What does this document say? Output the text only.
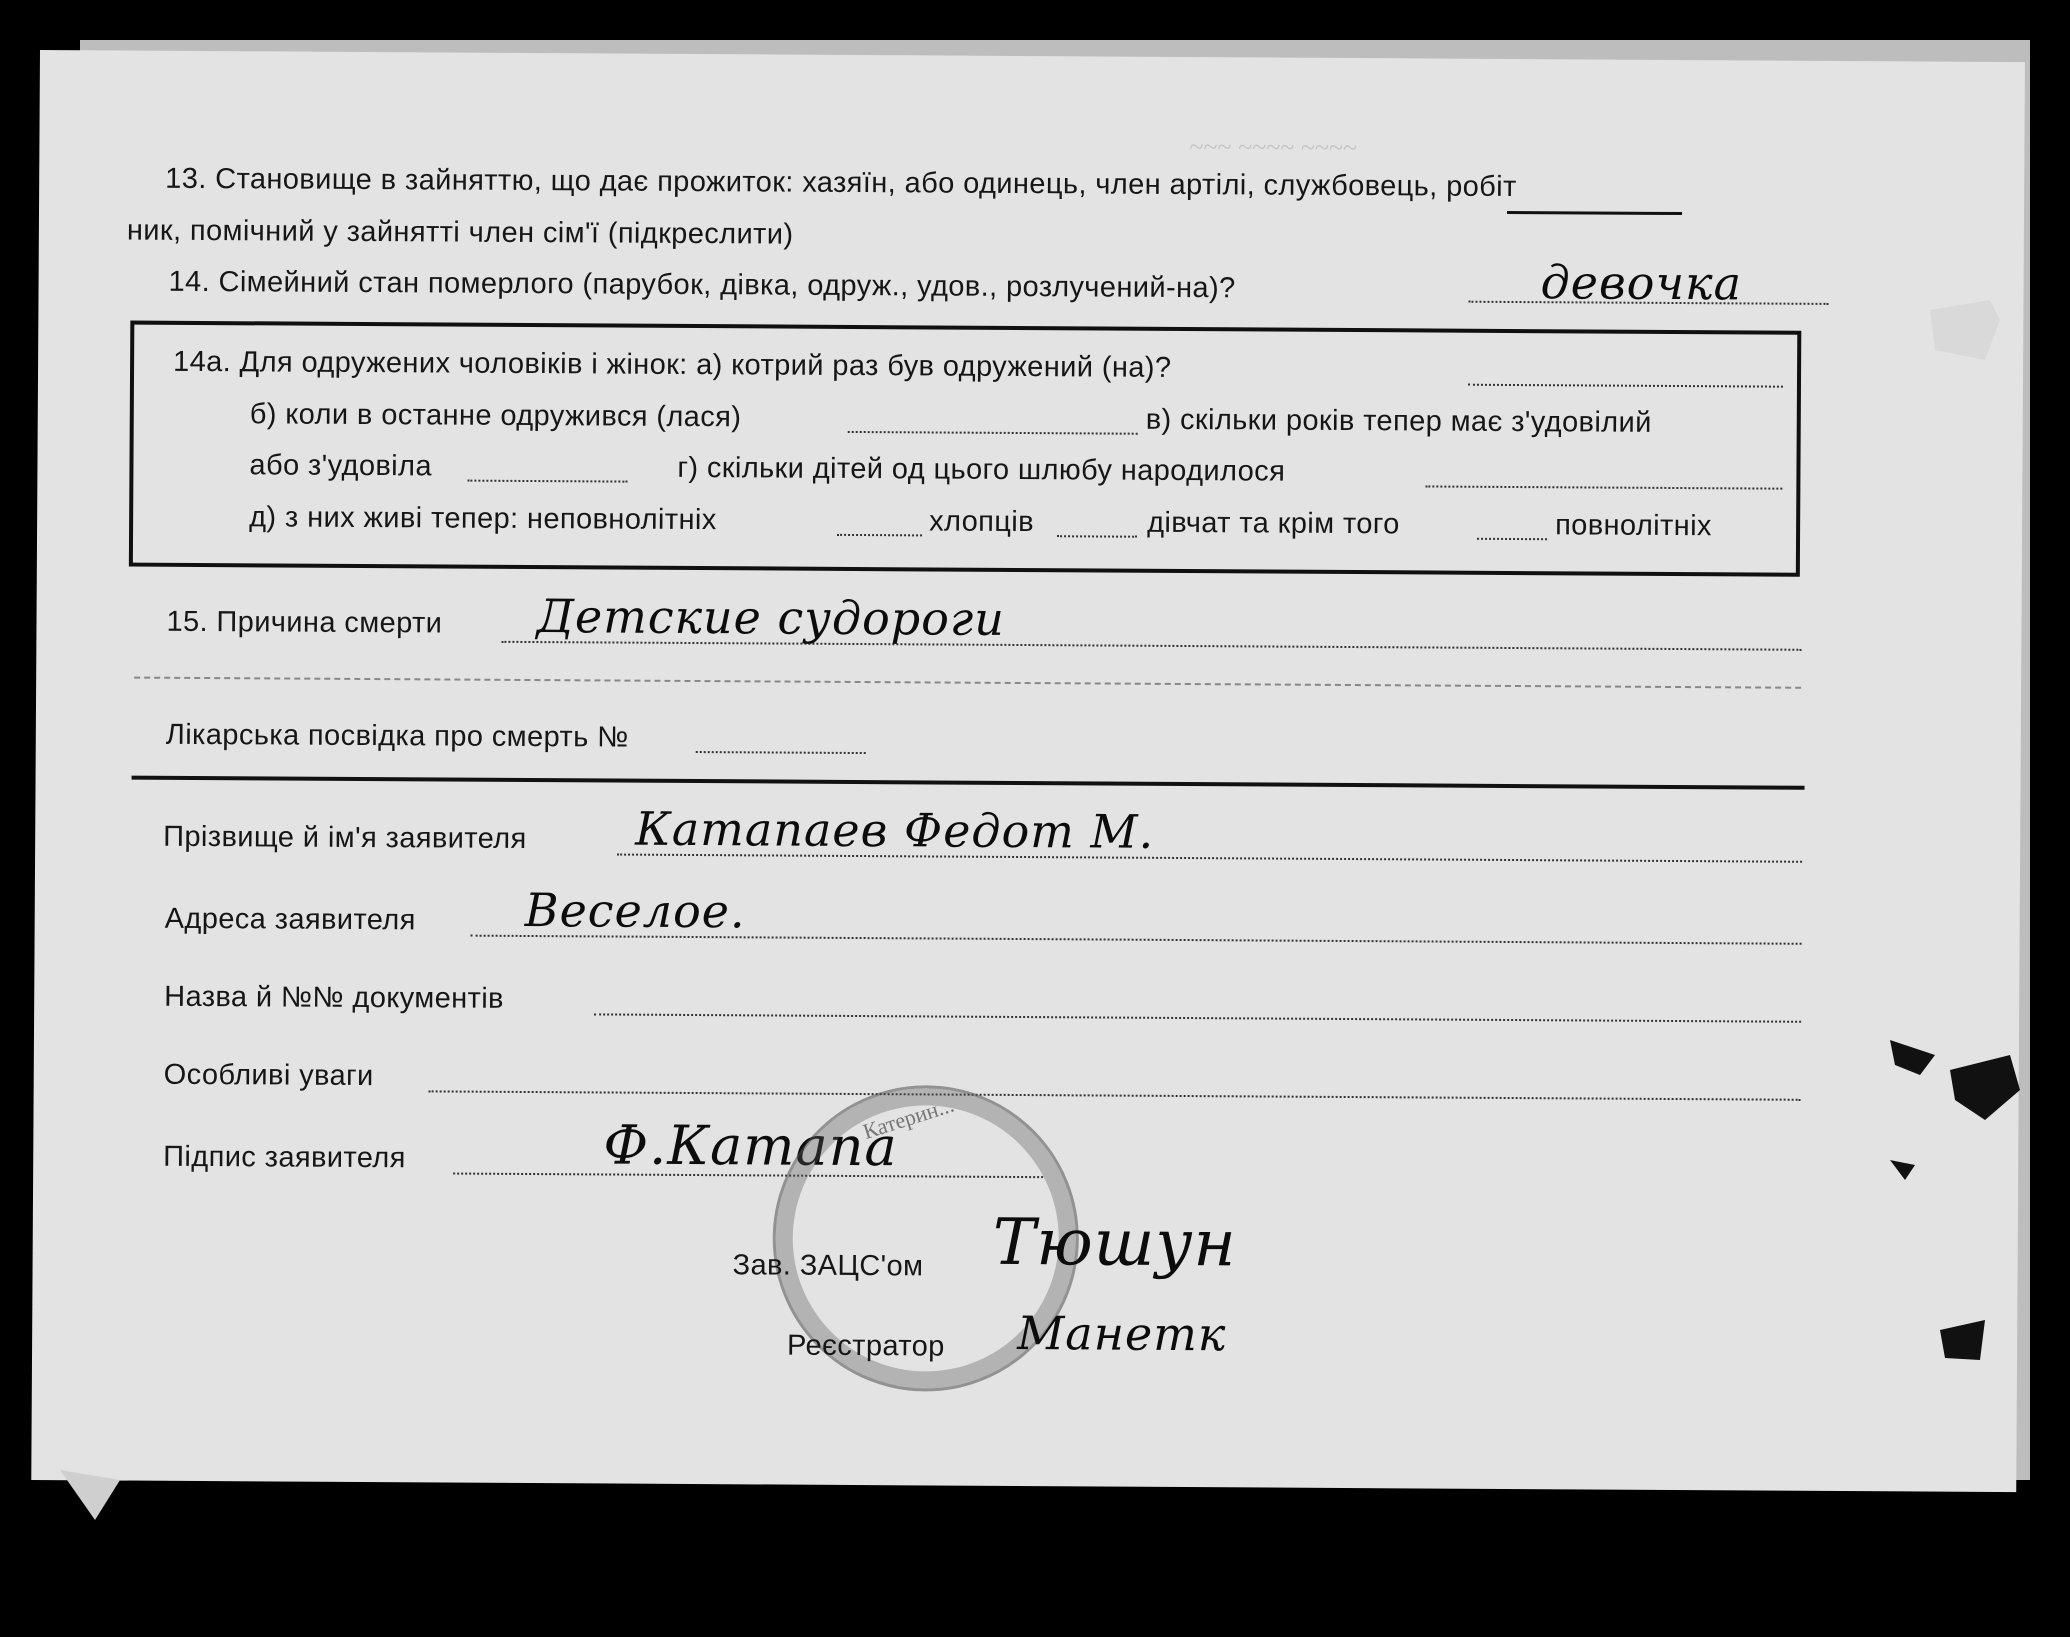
~~~ ~~~~ ~~~~
13. Становище в зайняттю, що дає прожиток: хазяїн, або одинець, член артілі, службовець, робіт
ник, помічний у зайнятті член сім'ї (підкреслити)
14. Сімейний стан померлого (парубок, дівка, одруж., удов., розлучений-на)?	девочка
14а. Для одружених чоловіків і жінок: а) котрий раз був одружений (на)?
б) коли в останне одружився (лася)	в) скільки років тепер має з'удовілий
або з'удовіла	г) скільки дітей од цього шлюбу народилося
д) з них живі тепер: неповнолітніх	хлопців	дівчат та крім того	повнолітніх
15. Причина смерти Детские судороги
Лікарська посвідка про смерть №
Прізвище й ім'я заявителя Катапаев Федот М.
Адреса заявителя Веселое.
Назва й №№ документів
Особливі уваги
Підпис заявителя	Ф.Катапа
Катерин...
Зав. ЗАЦС'ом Тюшун
Реєстратор Манетк
